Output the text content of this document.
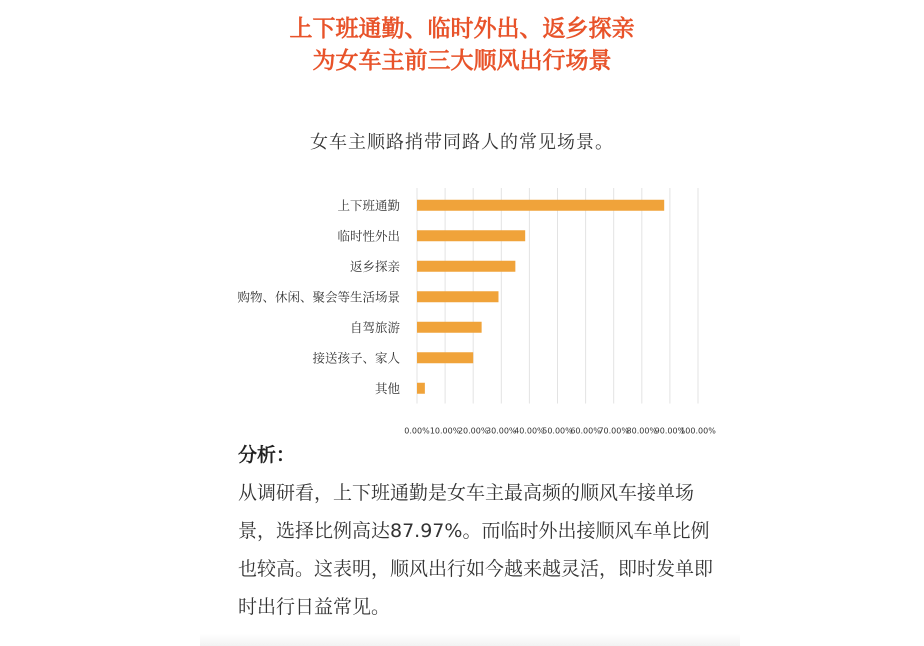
上下班通勤、临时外出、返乡探亲
为女车主前三大顺风出行场景
女车主顺路捎带同路人的常见场景。
0.00% 10.00%
20.00%
30.00%
40.00%
50.00%
60.00%
70.00%
80.00%
90.00%
100.00%
上下班通勤
临时性外出
返乡探亲
购物、休闲、聚会等生活场景
自驾旅游
接送孩子、家人
其他
分析：
从调研看，上下班通勤是女车主最高频的顺风车接单场景，选择比例高达87.97%。而临时外出接顺风车单比例也较高。这表明，顺风出行如今越来越灵活，即时发单即时出行日益常见。
